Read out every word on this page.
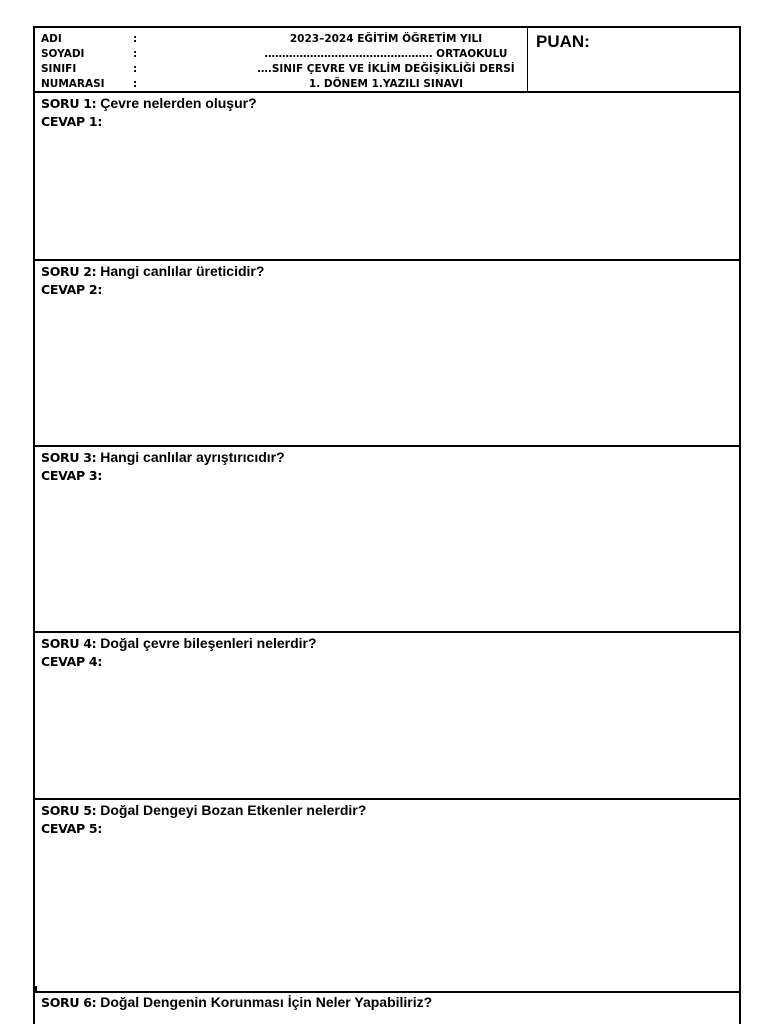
ADI	:
SOYADI	:
SINIFI	:
NUMARASI	:
2023–2024 EĞİTİM ÖĞRETİM YILI
………………………………………… ORTAOKULU
….SINIF ÇEVRE VE İKLİM DEĞİŞİKLİĞİ DERSİ
1. DÖNEM 1.YAZILI SINAVI
PUAN:
SORU 1: Çevre nelerden oluşur?
CEVAP 1:
SORU 2: Hangi canlılar üreticidir?
CEVAP 2:
SORU 3: Hangi canlılar ayrıştırıcıdır?
CEVAP 3:
SORU 4: Doğal çevre bileşenleri nelerdir?
CEVAP 4:
SORU 5: Doğal Dengeyi Bozan Etkenler nelerdir?
CEVAP 5:
SORU 6: Doğal Dengenin Korunması İçin Neler Yapabiliriz?
